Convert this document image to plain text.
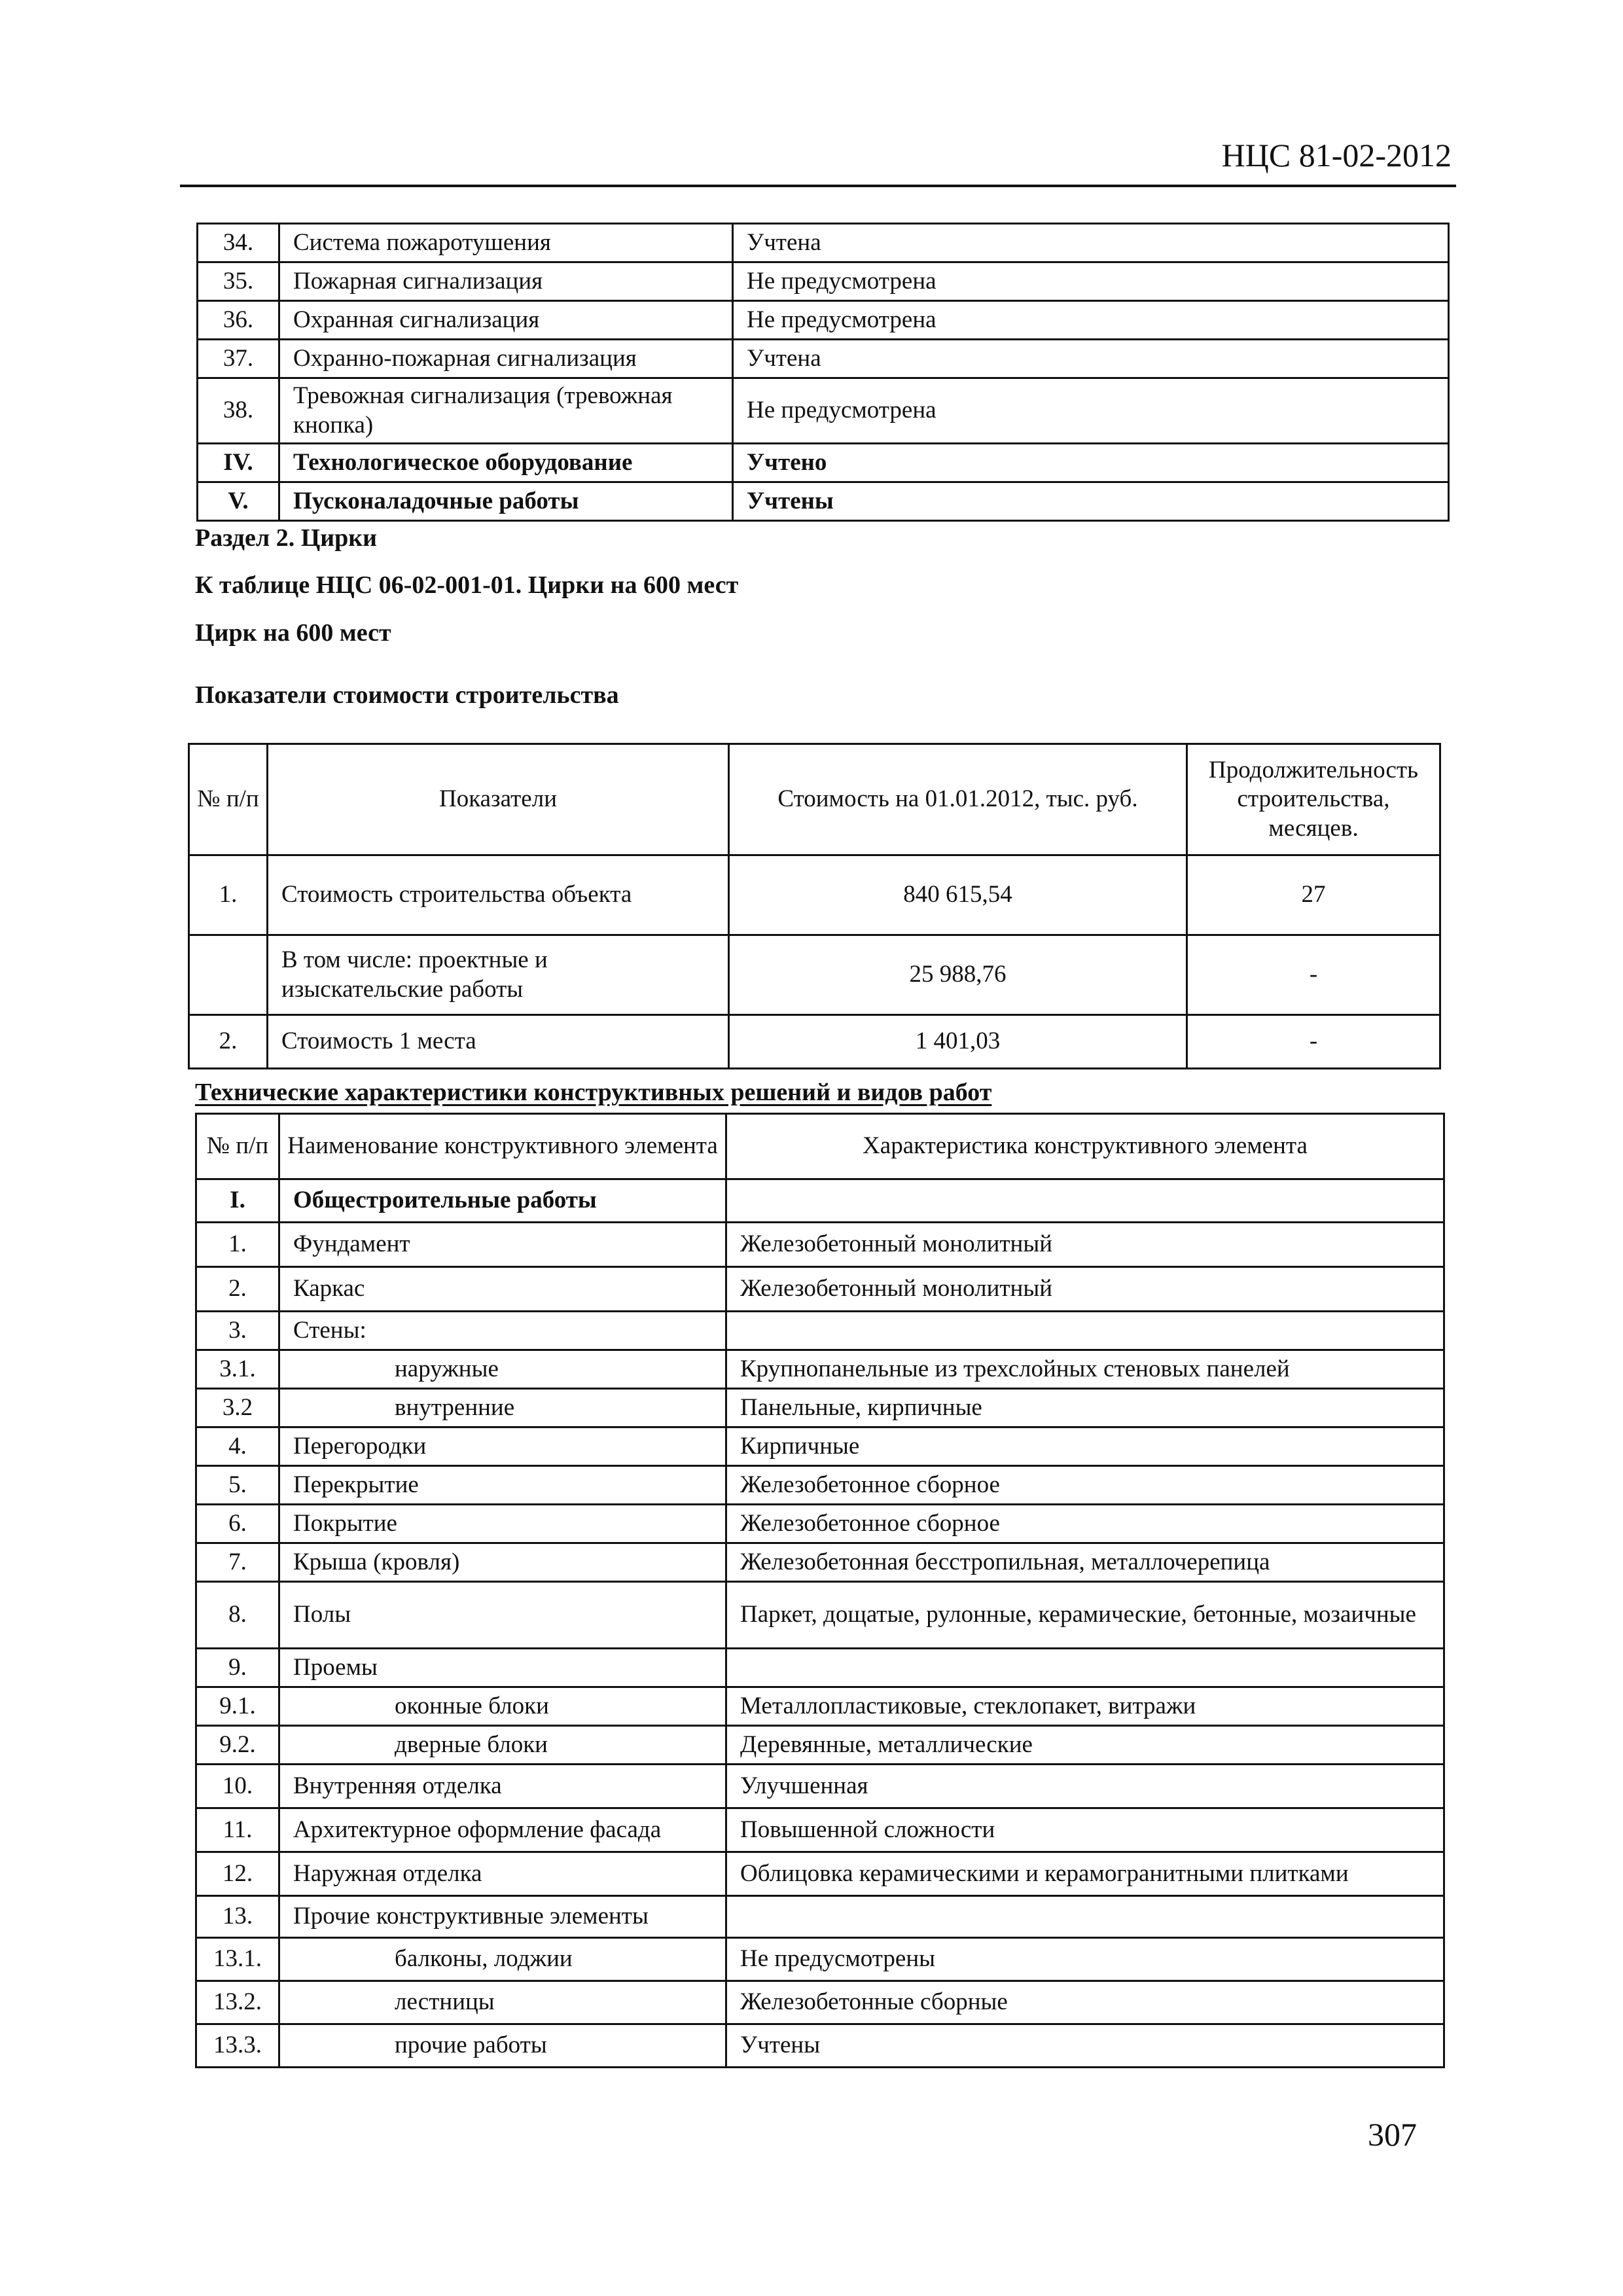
НЦС 81-02-2012
34.	Система пожаротушения	Учтена
35.	Пожарная сигнализация	Не предусмотрена
36.	Охранная сигнализация	Не предусмотрена
37.	Охранно-пожарная сигнализация	Учтена
38.	Тревожная сигнализация (тревожная кнопка)	Не предусмотрена
IV.	Технологическое оборудование	Учтено
V.	Пусконаладочные работы	Учтены
Раздел 2. Цирки
К таблице НЦС 06-02-001-01. Цирки на 600 мест
Цирк на 600 мест
Показатели стоимости строительства
№ п/п	Показатели	Стоимость на 01.01.2012, тыс. руб.	Продолжительность строительства, месяцев.
1.	Стоимость строительства объекта	840 615,54	27
	В том числе: проектные и изыскательские работы	25 988,76	-
2.	Стоимость 1 места	1 401,03	-
Технические характеристики конструктивных решений и видов работ
№ п/п	Наименование конструктивного элемента	Характеристика конструктивного элемента
I.	Общестроительные работы	
1.	Фундамент	Железобетонный монолитный
2.	Каркас	Железобетонный монолитный
3.	Стены:	
3.1.	наружные	Крупнопанельные из трехслойных стеновых панелей
3.2	внутренние	Панельные, кирпичные
4.	Перегородки	Кирпичные
5.	Перекрытие	Железобетонное сборное
6.	Покрытие	Железобетонное сборное
7.	Крыша (кровля)	Железобетонная бесстропильная, металлочерепица
8.	Полы	Паркет, дощатые, рулонные, керамические, бетонные, мозаичные
9.	Проемы	
9.1.	оконные блоки	Металлопластиковые, стеклопакет, витражи
9.2.	дверные блоки	Деревянные, металлические
10.	Внутренняя отделка	Улучшенная
11.	Архитектурное оформление фасада	Повышенной сложности
12.	Наружная отделка	Облицовка керамическими и керамогранитными плитками
13.	Прочие конструктивные элементы	
13.1.	балконы, лоджии	Не предусмотрены
13.2.	лестницы	Железобетонные сборные
13.3.	прочие работы	Учтены
307
